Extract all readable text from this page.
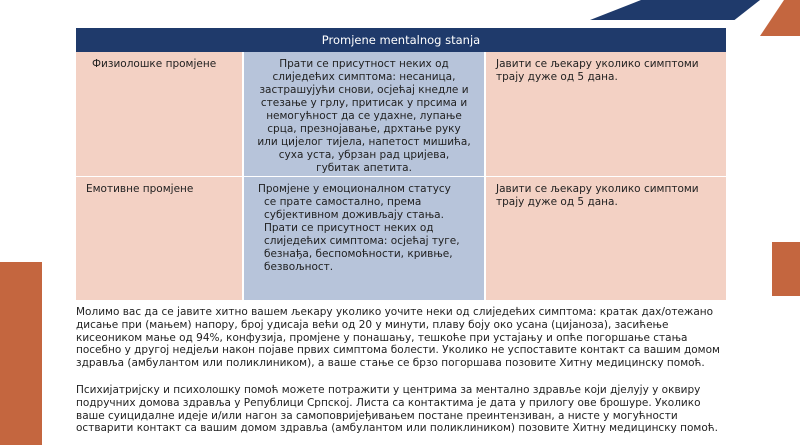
Promjene mentalnog stanja
Физиолошке промјене	Прати се присутност неких од слиједећих симптома: несаница, застрашујући снови, осјећај кнедле и стезање у грлу, притисак у прсима и немогућност да се удахне, лупање срца, презнојавање, дрхтање руку или цијелог тијела, напетост мишића, суха уста, убрзан рад цријева, губитак апетита.
Јавити се љекару уколико симптоми трају дуже од 5 дана.
Емотивне промјене	Промјене у емоционалном статусу
се прате самостално, према
субјективном доживљају стања.
Прати се присутност неких од
слиједећих симптома: осјећај туге,
безнађа, беспомоћности, кривње,
безвољност.
Јавити се љекару уколико симптоми трају дуже од 5 дана.

Молимо вас да се јавите хитно вашем љекару уколико уочите неки од слиједећих симптома: кратак дах/отежано дисање при (мањем) напору, број удисаја већи од 20 у минути, плаву боју око усана (цијаноза), засићење кисеоником мање од 94%, конфузија, промјене у понашању, тешкоће при устајању и опће погоршање стања посебно у другој недјељи након појаве првих симптома болести. Уколико не успоставите контакт са вашим домом здравља (амбулантом или поликлиником), а ваше стање се брзо погоршава позовите Хитну медицинску помоћ.

Психијатријску и психолошку помоћ можете потражити у центрима за ментално здравље који дјелују у оквиру подручних домова здравља у Републици Српској. Листа са контактима је дата у прилогу ове брошуре. Уколико ваше суицидалне идеје и/или нагон за самоповријеђивањем постане преинтензиван, а нисте у могућности остварити контакт са вашим домом здравља (амбулантом или поликлиником) позовите Хитну медицинску помоћ.
